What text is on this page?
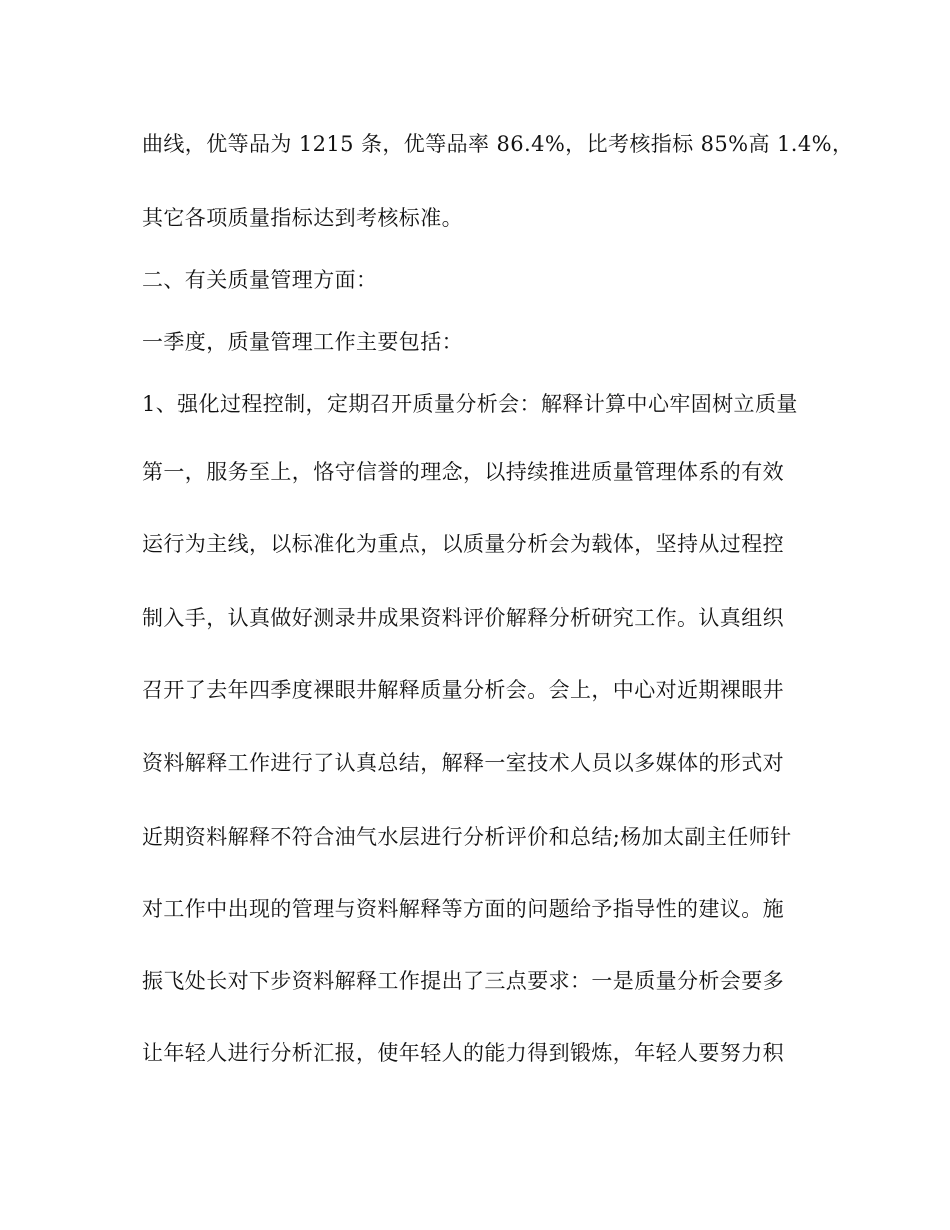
曲线，优等品为 1215 条，优等品率 86.4%，比考核指标 85%高 1.4%，
其它各项质量指标达到考核标准。
二、有关质量管理方面：
一季度，质量管理工作主要包括：
1、强化过程控制，定期召开质量分析会：解释计算中心牢固树立质量
第一，服务至上，恪守信誉的理念，以持续推进质量管理体系的有效
运行为主线，以标准化为重点，以质量分析会为载体，坚持从过程控
制入手，认真做好测录井成果资料评价解释分析研究工作。认真组织
召开了去年四季度裸眼井解释质量分析会。会上，中心对近期裸眼井
资料解释工作进行了认真总结，解释一室技术人员以多媒体的形式对
近期资料解释不符合油气水层进行分析评价和总结;杨加太副主任师针
对工作中出现的管理与资料解释等方面的问题给予指导性的建议。施
振飞处长对下步资料解释工作提出了三点要求：一是质量分析会要多
让年轻人进行分析汇报，使年轻人的能力得到锻炼，年轻人要努力积
